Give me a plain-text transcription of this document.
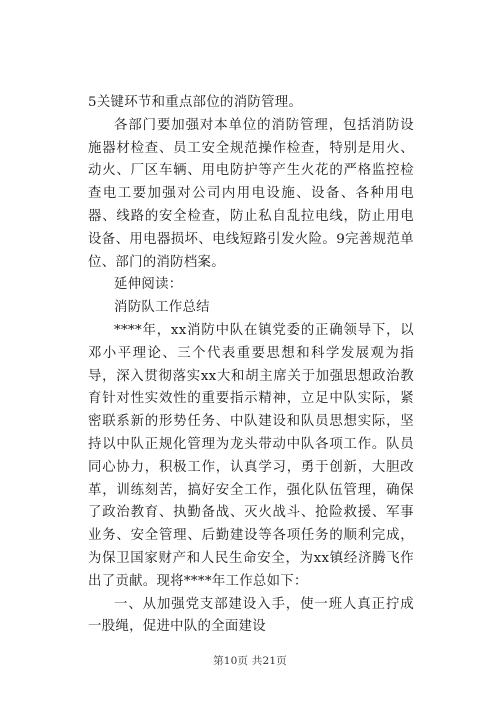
5关键环节和重点部位的消防管理。

各部门要加强对本单位的消防管理，包括消防设施器材检查、员工安全规范操作检查，特别是用火、动火、厂区车辆、用电防护等产生火花的严格监控检查电工要加强对公司内用电设施、设备、各种用电器、线路的安全检查，防止私自乱拉电线，防止用电设备、用电器损坏、电线短路引发火险。9完善规范单位、部门的消防档案。

延伸阅读：

消防队工作总结

****年，xx消防中队在镇党委的正确领导下，以邓小平理论、三个代表重要思想和科学发展观为指导，深入贯彻落实xx大和胡主席关于加强思想政治教育针对性实效性的重要指示精神，立足中队实际，紧密联系新的形势任务、中队建设和队员思想实际，坚持以中队正规化管理为龙头带动中队各项工作。队员同心协力，积极工作，认真学习，勇于创新，大胆改革，训练刻苦，搞好安全工作，强化队伍管理，确保了政治教育、执勤备战、灭火战斗、抢险救援、军事业务、安全管理、后勤建设等各项任务的顺利完成，为保卫国家财产和人民生命安全，为xx镇经济腾飞作出了贡献。现将****年工作总如下：

一、从加强党支部建设入手，使一班人真正拧成一股绳，促进中队的全面建设

第10页 共21页
